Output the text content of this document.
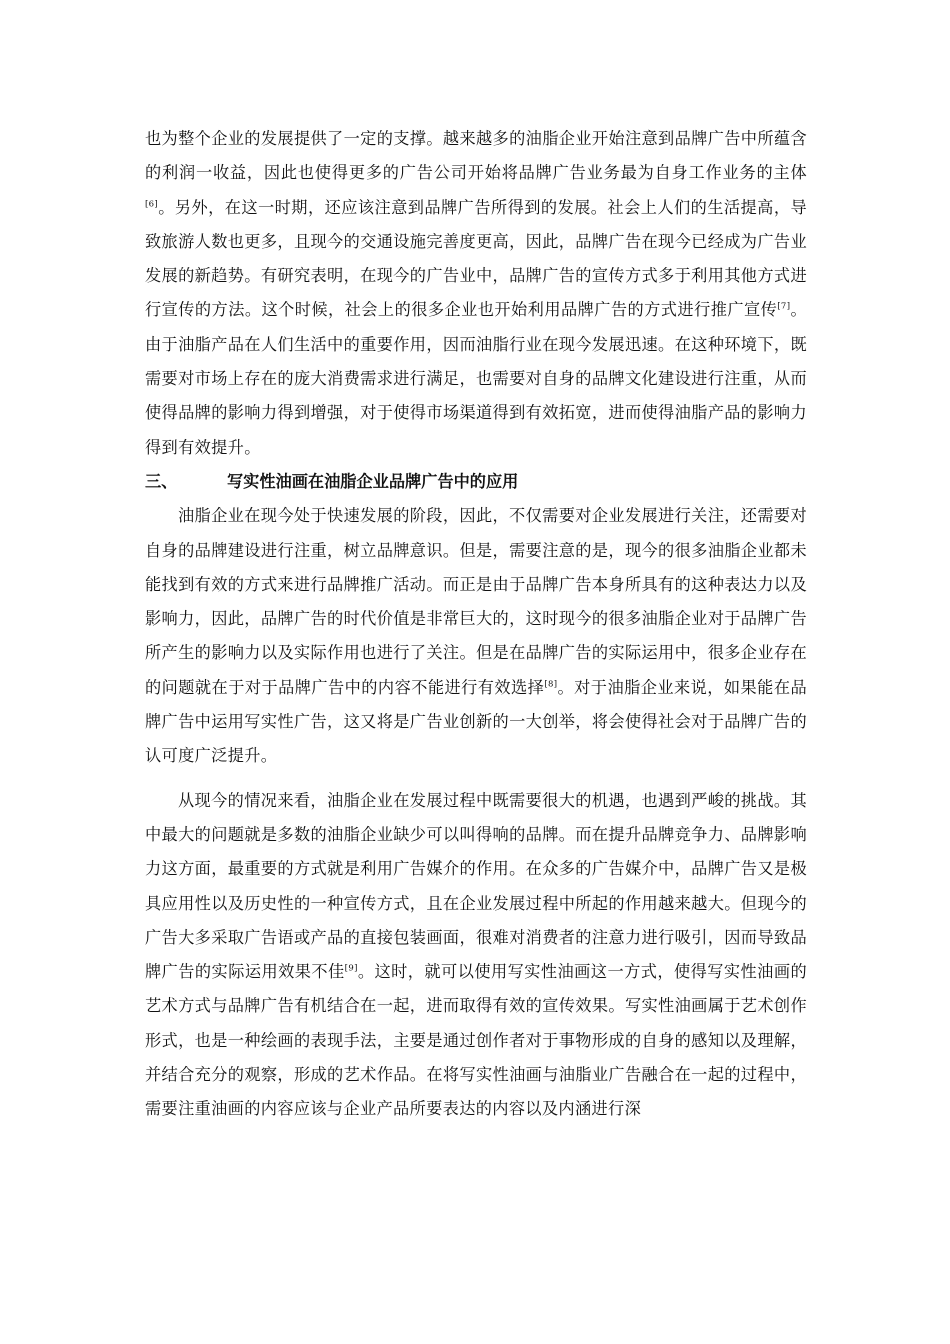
也为整个企业的发展提供了一定的支撑。越来越多的油脂企业开始注意到品牌广告中所蕴含的利润一收益，因此也使得更多的广告公司开始将品牌广告业务最为自身工作业务的主体[6]。另外，在这一时期，还应该注意到品牌广告所得到的发展。社会上人们的生活提高，导致旅游人数也更多，且现今的交通设施完善度更高，因此，品牌广告在现今已经成为广告业发展的新趋势。有研究表明，在现今的广告业中，品牌广告的宣传方式多于利用其他方式进行宣传的方法。这个时候，社会上的很多企业也开始利用品牌广告的方式进行推广宣传[7]。由于油脂产品在人们生活中的重要作用，因而油脂行业在现今发展迅速。在这种环境下，既需要对市场上存在的庞大消费需求进行满足，也需要对自身的品牌文化建设进行注重，从而使得品牌的影响力得到增强，对于使得市场渠道得到有效拓宽，进而使得油脂产品的影响力得到有效提升。

三、	写实性油画在油脂企业品牌广告中的应用

油脂企业在现今处于快速发展的阶段，因此，不仅需要对企业发展进行关注，还需要对自身的品牌建设进行注重，树立品牌意识。但是，需要注意的是，现今的很多油脂企业都未能找到有效的方式来进行品牌推广活动。而正是由于品牌广告本身所具有的这种表达力以及影响力，因此，品牌广告的时代价值是非常巨大的，这时现今的很多油脂企业对于品牌广告所产生的影响力以及实际作用也进行了关注。但是在品牌广告的实际运用中，很多企业存在的问题就在于对于品牌广告中的内容不能进行有效选择[8]。对于油脂企业来说，如果能在品牌广告中运用写实性广告，这又将是广告业创新的一大创举，将会使得社会对于品牌广告的认可度广泛提升。

从现今的情况来看，油脂企业在发展过程中既需要很大的机遇，也遇到严峻的挑战。其中最大的问题就是多数的油脂企业缺少可以叫得响的品牌。而在提升品牌竞争力、品牌影响力这方面，最重要的方式就是利用广告媒介的作用。在众多的广告媒介中，品牌广告又是极具应用性以及历史性的一种宣传方式，且在企业发展过程中所起的作用越来越大。但现今的广告大多采取广告语或产品的直接包装画面，很难对消费者的注意力进行吸引，因而导致品牌广告的实际运用效果不佳[9]。这时，就可以使用写实性油画这一方式，使得写实性油画的艺术方式与品牌广告有机结合在一起，进而取得有效的宣传效果。写实性油画属于艺术创作形式，也是一种绘画的表现手法，主要是通过创作者对于事物形成的自身的感知以及理解，并结合充分的观察，形成的艺术作品。在将写实性油画与油脂业广告融合在一起的过程中，需要注重油画的内容应该与企业产品所要表达的内容以及内涵进行深
